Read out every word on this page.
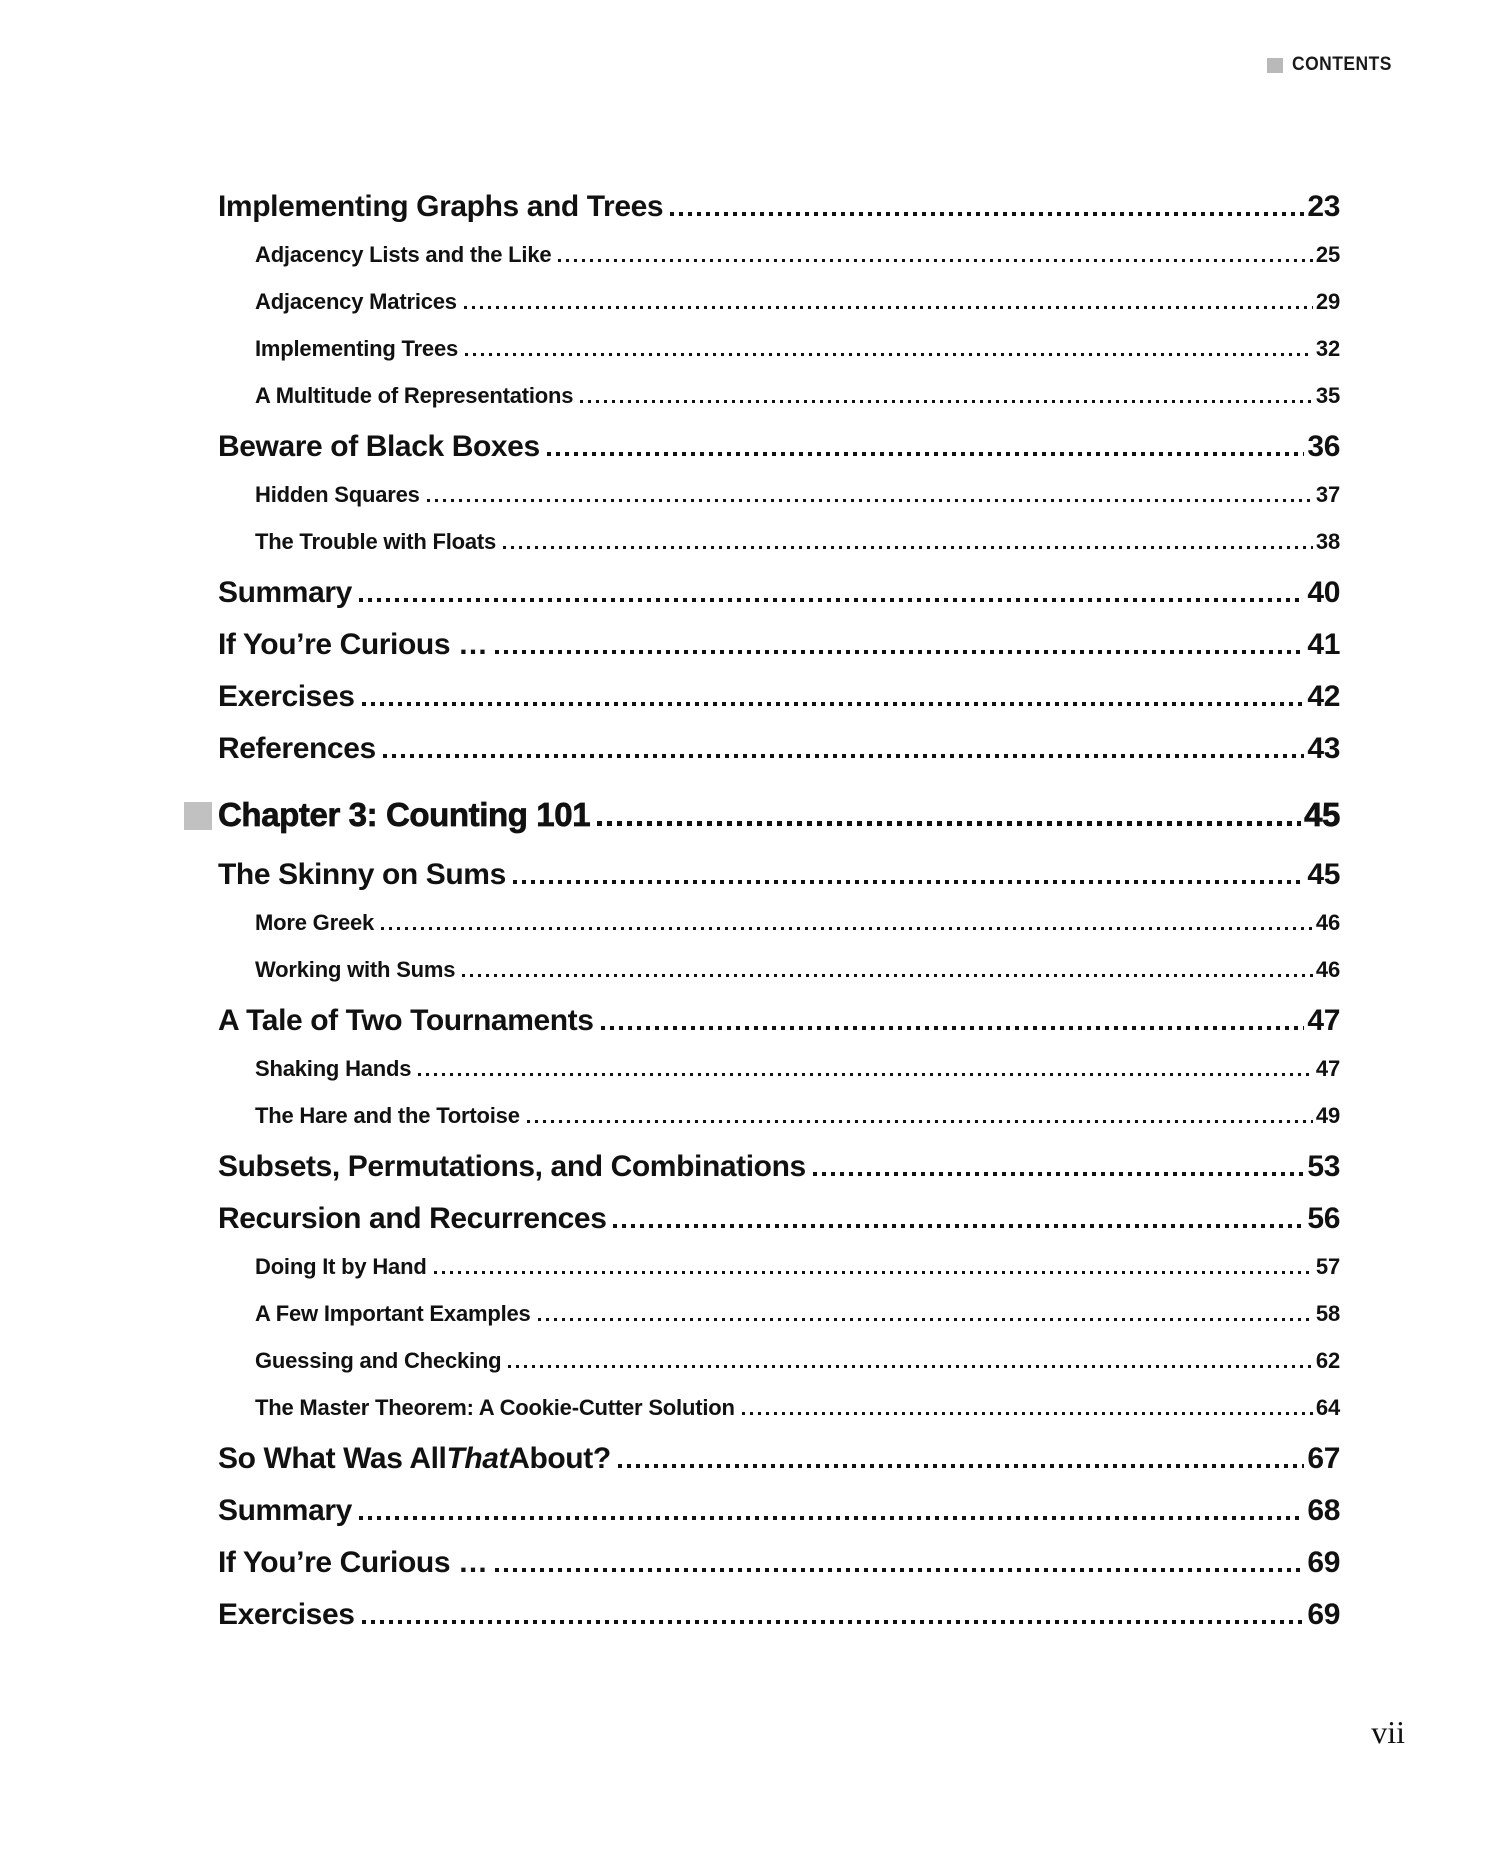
CONTENTS
Implementing Graphs and Trees	23
Adjacency Lists and the Like	25
Adjacency Matrices	29
Implementing Trees	32
A Multitude of Representations	35
Beware of Black Boxes	36
Hidden Squares	37
The Trouble with Floats	38
Summary	40
If You’re Curious …	41
Exercises	42
References	43
Chapter 3: Counting 101	45
The Skinny on Sums	45
More Greek	46
Working with Sums	46
A Tale of Two Tournaments	47
Shaking Hands	47
The Hare and the Tortoise	49
Subsets, Permutations, and Combinations	53
Recursion and Recurrences	56
Doing It by Hand	57
A Few Important Examples	58
Guessing and Checking	62
The Master Theorem: A Cookie-Cutter Solution	64
So What Was All That About?	67
Summary	68
If You’re Curious …	69
Exercises	69
vii
